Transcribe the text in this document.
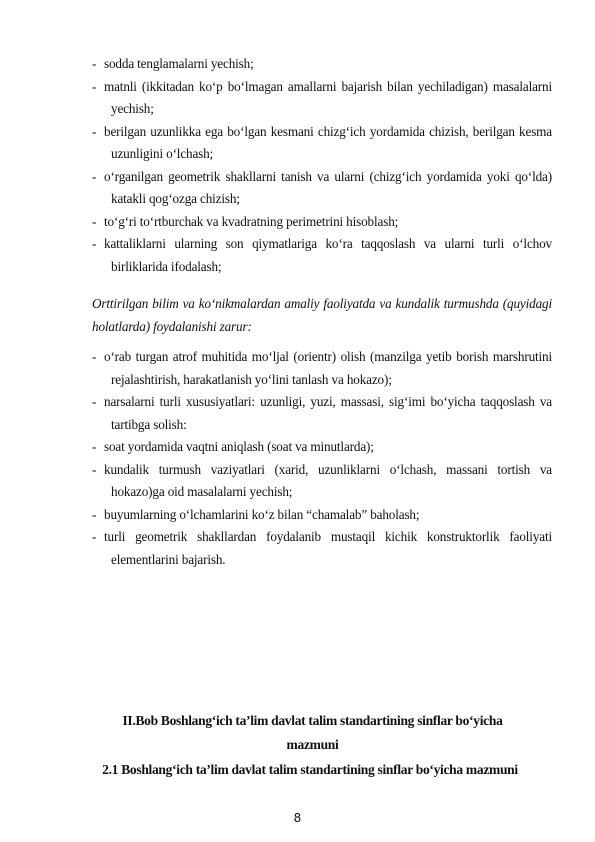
- sodda tenglamalarni yechish;
- matnli (ikkitadan ko‘p bo‘lmagan amallarni bajarish bilan yechiladigan) masalalarni yechish;
- berilgan uzunlikka ega bo‘lgan kesmani chizg‘ich yordamida chizish, berilgan kesma uzunligini o‘lchash;
- o‘rganilgan geometrik shakllarni tanish va ularni (chizg‘ich yordamida yoki qo‘lda) katakli qog‘ozga chizish;
- to‘g‘ri to‘rtburchak va kvadratning perimetrini hisoblash;
- kattaliklarni ularning son qiymatlariga ko‘ra taqqoslash va ularni turli o‘lchov birliklarida ifodalash;
Orttirilgan bilim va ko‘nikmalardan amaliy faoliyatda va kundalik turmushda (quyidagi holatlarda) foydalanishi zarur:
- o‘rab turgan atrof muhitida mo‘ljal (orientr) olish (manzilga yetib borish marshrutini rejalashtirish, harakatlanish yo‘lini tanlash va hokazo);
- narsalarni turli xususiyatlari: uzunligi, yuzi, massasi, sig‘imi bo‘yicha taqqoslash va tartibga solish:
- soat yordamida vaqtni aniqlash (soat va minutlarda);
- kundalik turmush vaziyatlari (xarid, uzunliklarni o‘lchash, massani tortish va hokazo)ga oid masalalarni yechish;
- buyumlarning o‘lchamlarini ko‘z bilan “chamalab” baholash;
- turli geometrik shakllardan foydalanib mustaqil kichik konstruktorlik faoliyati elementlarini bajarish.
II.Bob Boshlang‘ich ta’lim davlat talim standartining sinflar bo‘yicha
mazmuni
2.1 Boshlang‘ich ta’lim davlat talim standartining sinflar bo‘yicha mazmuni
8
